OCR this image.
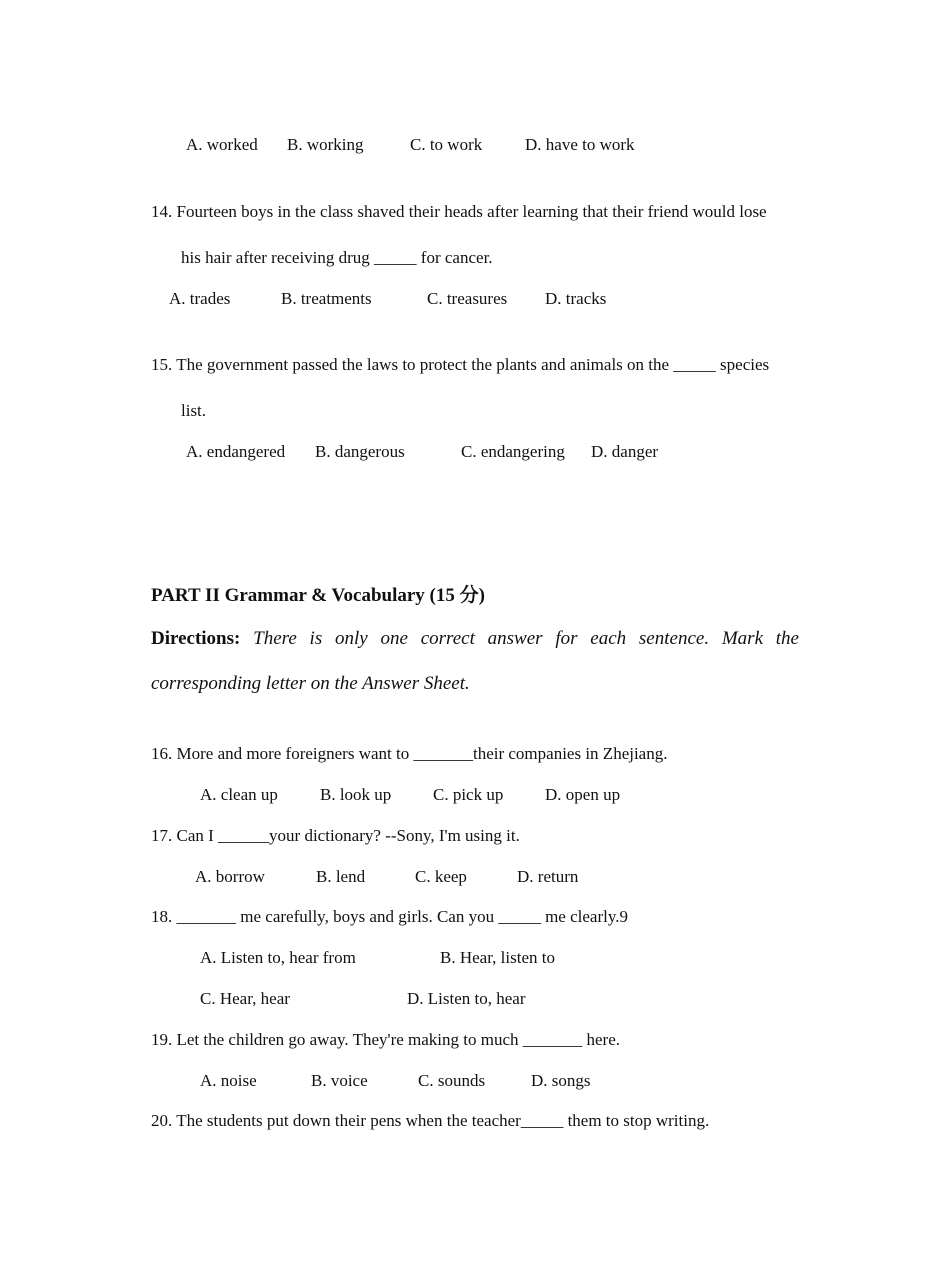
A. worked B. working	C. to work	D. have to work
14. Fourteen boys in the class shaved their heads after learning that their friend would lose
his hair after receiving drug _____ for cancer.
A. trades	B. treatments	C. treasures D. tracks
15. The government passed the laws to protect the plants and animals on the _____ species
list.
A. endangered B. dangerous	C. endangering D. danger
PART II Grammar & Vocabulary (15 分)
Directions: There is only one correct answer for each sentence. Mark the
corresponding letter on the Answer Sheet.
16. More and more foreigners want to _______their companies in Zhejiang.
A. clean up B. look up C. pick up D. open up
17. Can I ______your dictionary? --Sony, I'm using it.
A. borrow	B. lend	C. keep	D. return
18. _______ me carefully, boys and girls. Can you _____ me clearly.9
A. Listen to, hear from	B. Hear, listen to
C. Hear, hear	D. Listen to, hear
19. Let the children go away. They're making to much _______ here.
A. noise	B. voice	C. sounds	D. songs
20. The students put down their pens when the teacher_____ them to stop writing.
